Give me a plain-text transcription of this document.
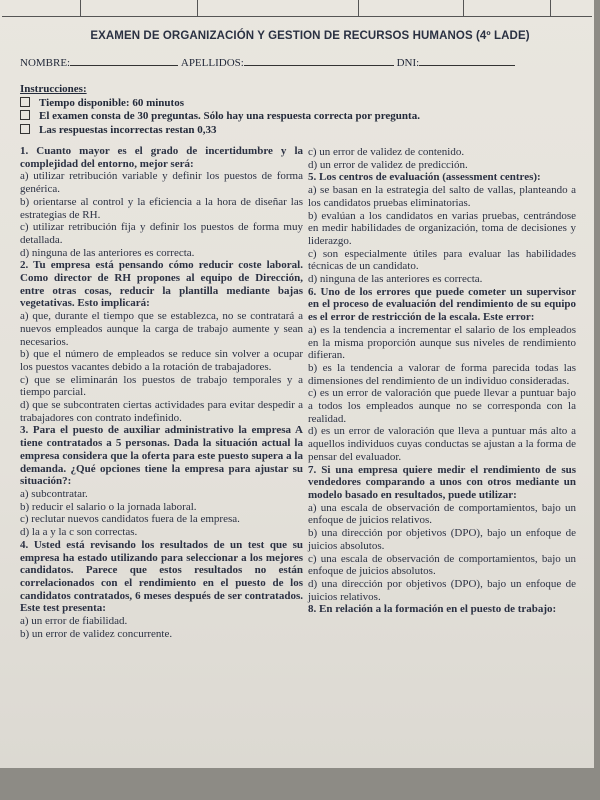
EXAMEN DE ORGANIZACIÓN Y GESTION DE RECURSOS HUMANOS (4º LADE)
NOMBRE:	APELLIDOS:	DNI:
Instrucciones:
Tiempo disponible: 60 minutos
El examen consta de 30 preguntas. Sólo hay una respuesta correcta por pregunta.
Las respuestas incorrectas restan 0,33

1. Cuanto mayor es el grado de incertidumbre y la complejidad del entorno, mejor será:

a) utilizar retribución variable y definir los puestos de forma genérica.

b) orientarse al control y la eficiencia a la hora de diseñar las estrategias de RH.

c) utilizar retribución fija y definir los puestos de forma muy detallada.

d) ninguna de las anteriores es correcta.

2. Tu empresa está pensando cómo reducir coste laboral. Como director de RH propones al equipo de Dirección, entre otras cosas, reducir la plantilla mediante bajas vegetativas. Esto implicará:

a) que, durante el tiempo que se establezca, no se contratará a nuevos empleados aunque la carga de trabajo aumente y sean necesarios.

b) que el número de empleados se reduce sin volver a ocupar los puestos vacantes debido a la rotación de trabajadores.

c) que se eliminarán los puestos de trabajo temporales y a tiempo parcial.

d) que se subcontraten ciertas actividades para evitar despedir a trabajadores con contrato indefinido.

3. Para el puesto de auxiliar administrativo la empresa A tiene contratados a 5 personas. Dada la situación actual la empresa considera que la oferta para este puesto supera a la demanda. ¿Qué opciones tiene la empresa para ajustar su situación?:

a) subcontratar.

b) reducir el salario o la jornada laboral.

c) reclutar nuevos candidatos fuera de la empresa.

d) la a y la c son correctas.

4. Usted está revisando los resultados de un test que su empresa ha estado utilizando para seleccionar a los mejores candidatos. Parece que estos resultados no están correlacionados con el rendimiento en el puesto de los candidatos contratados, 6 meses después de ser contratados. Este test presenta:

a) un error de fiabilidad.

b) un error de validez concurrente.

c) un error de validez de contenido.

d) un error de validez de predicción.

5. Los centros de evaluación (assessment centres):

a) se basan en la estrategia del salto de vallas, planteando a los candidatos pruebas eliminatorias.

b) evalúan a los candidatos en varias pruebas, centrándose en medir habilidades de organización, toma de decisiones y liderazgo.

c) son especialmente útiles para evaluar las habilidades técnicas de un candidato.

d) ninguna de las anteriores es correcta.

6. Uno de los errores que puede cometer un supervisor en el proceso de evaluación del rendimiento de su equipo es el error de restricción de la escala. Este error:

a) es la tendencia a incrementar el salario de los empleados en la misma proporción aunque sus niveles de rendimiento difieran.

b) es la tendencia a valorar de forma parecida todas las dimensiones del rendimiento de un individuo consideradas.

c) es un error de valoración que puede llevar a puntuar bajo a todos los empleados aunque no se corresponda con la realidad.

d) es un error de valoración que lleva a puntuar más alto a aquellos individuos cuyas conductas se ajustan a la forma de pensar del evaluador.

7. Si una empresa quiere medir el rendimiento de sus vendedores comparando a unos con otros mediante un modelo basado en resultados, puede utilizar:

a) una escala de observación de comportamientos, bajo un enfoque de juicios relativos.

b) una dirección por objetivos (DPO), bajo un enfoque de juicios absolutos.

c) una escala de observación de comportamientos, bajo un enfoque de juicios absolutos.

d) una dirección por objetivos (DPO), bajo un enfoque de juicios relativos.

8. En relación a la formación en el puesto de trabajo:
